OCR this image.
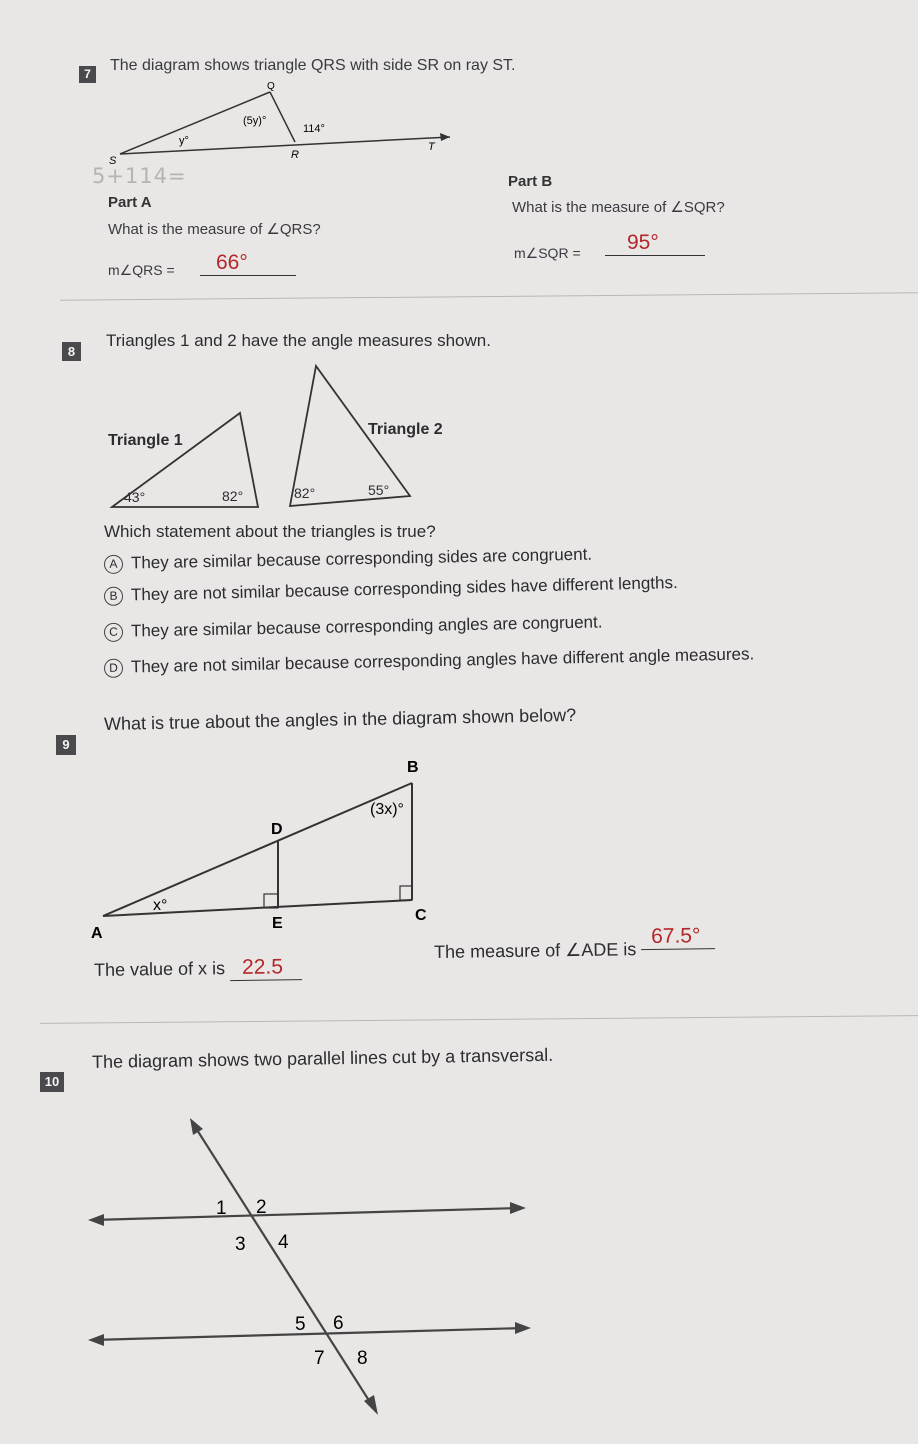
7	The diagram shows triangle QRS with side SR on ray ST.
Q
S	R
T
(5y)°
y°
114°
5+114=
Part A
What is the measure of ∠QRS?
m∠QRS =	66°
Part B
What is the measure of ∠SQR?
m∠SQR =	95°
8
Triangles 1 and 2 have the angle measures shown.
Triangle 1
43°	82°
Triangle 2
82°	55°
Which statement about the triangles is true?
A They are similar because corresponding sides are congruent.
B They are not similar because corresponding sides have different lengths.
C They are similar because corresponding angles are congruent.
D They are not similar because corresponding angles have different angle measures.
9
What is true about the angles in the diagram shown below?
A
B
C
D
E
x°
(3x)°
The value of x is 22.5
The measure of ∠ADE is 67.5°
10
The diagram shows two parallel lines cut by a transversal.
1 2
3 4
5 6
7 8
